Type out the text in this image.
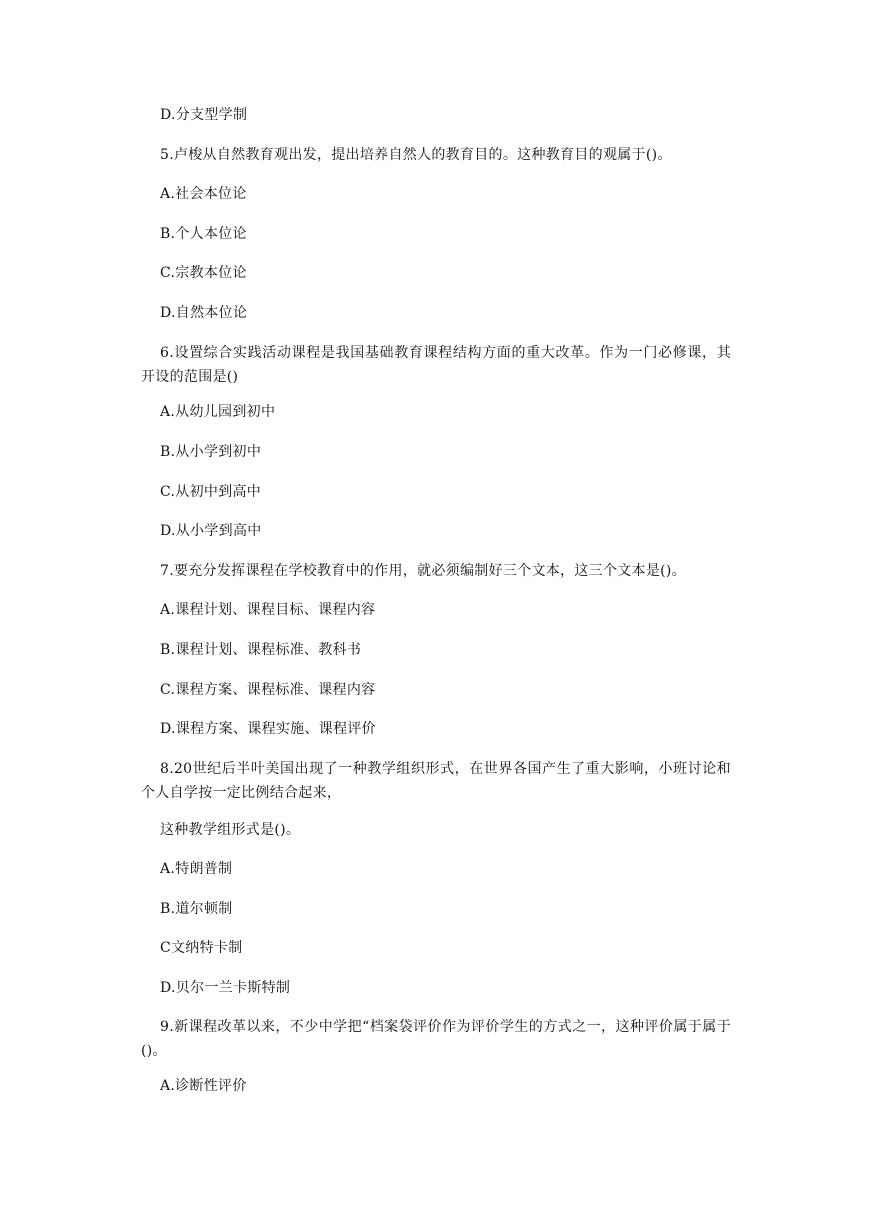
D.分支型学制
5.卢梭从自然教育观出发，提出培养自然人的教育目的。这种教育目的观属于()。
A.社会本位论
B.个人本位论
C.宗教本位论
D.自然本位论
6.设置综合实践活动课程是我国基础教育课程结构方面的重大改革。作为一门必修课，其开设的范围是()
A.从幼儿园到初中
B.从小学到初中
C.从初中到高中
D.从小学到高中
7.要充分发挥课程在学校教育中的作用，就必须编制好三个文本，这三个文本是()。
A.课程计划、课程目标、课程内容
B.课程计划、课程标准、教科书
C.课程方案、课程标准、课程内容
D.课程方案、课程实施、课程评价
8.20世纪后半叶美国出现了一种教学组织形式，在世界各国产生了重大影响，小班讨论和个人自学按一定比例结合起来，
这种教学组形式是()。
A.特朗普制
B.道尔顿制
C文纳特卡制
D.贝尔一兰卡斯特制
9.新课程改革以来，不少中学把“档案袋评价作为评价学生的方式之一，这种评价属于属于()。
A.诊断性评价
